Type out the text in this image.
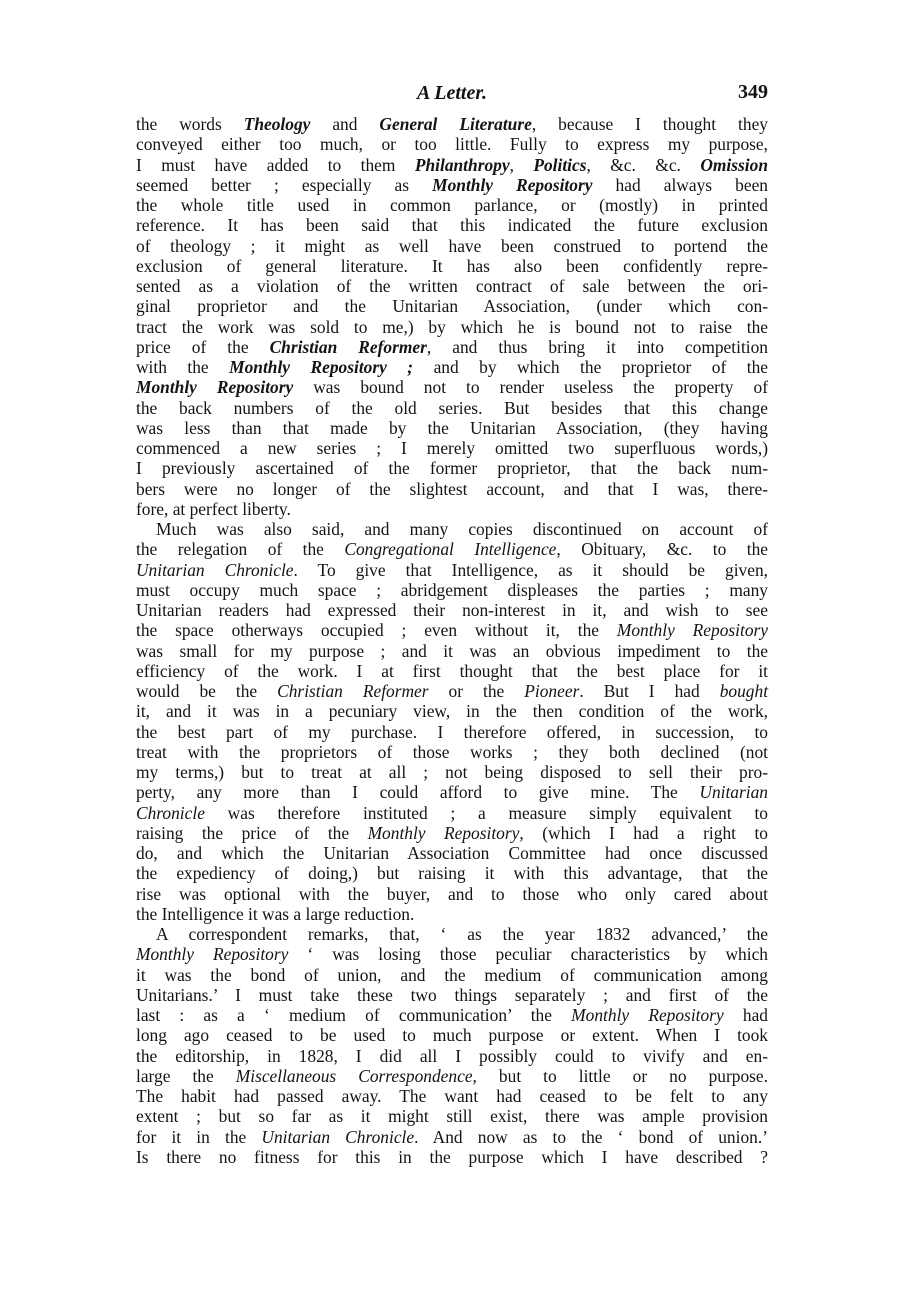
A Letter.	349
the words Theology and General Literature, because I thought they
conveyed either too much, or too little. Fully to express my purpose,
I must have added to them Philanthropy, Politics, &c. &c. Omission
seemed better ; especially as Monthly Repository had always been
the whole title used in common parlance, or (mostly) in printed
reference. It has been said that this indicated the future exclusion
of theology ; it might as well have been construed to portend the
exclusion of general literature. It has also been confidently repre-
sented as a violation of the written contract of sale between the ori-
ginal proprietor and the Unitarian Association, (under which con-
tract the work was sold to me,) by which he is bound not to raise the
price of the Christian Reformer, and thus bring it into competition
with the Monthly Repository ; and by which the proprietor of the
Monthly Repository was bound not to render useless the property of
the back numbers of the old series. But besides that this change
was less than that made by the Unitarian Association, (they having
commenced a new series ; I merely omitted two superfluous words,)
I previously ascertained of the former proprietor, that the back num-
bers were no longer of the slightest account, and that I was, there-
fore, at perfect liberty.
Much was also said, and many copies discontinued on account of
the relegation of the Congregational Intelligence, Obituary, &c. to the
Unitarian Chronicle. To give that Intelligence, as it should be given,
must occupy much space ; abridgement displeases the parties ; many
Unitarian readers had expressed their non-interest in it, and wish to see
the space otherways occupied ; even without it, the Monthly Repository
was small for my purpose ; and it was an obvious impediment to the
efficiency of the work. I at first thought that the best place for it
would be the Christian Reformer or the Pioneer. But I had bought
it, and it was in a pecuniary view, in the then condition of the work,
the best part of my purchase. I therefore offered, in succession, to
treat with the proprietors of those works ; they both declined (not
my terms,) but to treat at all ; not being disposed to sell their pro-
perty, any more than I could afford to give mine. The Unitarian
Chronicle was therefore instituted ; a measure simply equivalent to
raising the price of the Monthly Repository, (which I had a right to
do, and which the Unitarian Association Committee had once discussed
the expediency of doing,) but raising it with this advantage, that the
rise was optional with the buyer, and to those who only cared about
the Intelligence it was a large reduction.
A correspondent remarks, that, ‘ as the year 1832 advanced,’ the
Monthly Repository ‘ was losing those peculiar characteristics by which
it was the bond of union, and the medium of communication among
Unitarians.’ I must take these two things separately ; and first of the
last : as a ‘ medium of communication’ the Monthly Repository had
long ago ceased to be used to much purpose or extent. When I took
the editorship, in 1828, I did all I possibly could to vivify and en-
large the Miscellaneous Correspondence, but to little or no purpose.
The habit had passed away. The want had ceased to be felt to any
extent ; but so far as it might still exist, there was ample provision
for it in the Unitarian Chronicle. And now as to the ‘ bond of union.’
Is there no fitness for this in the purpose which I have described ?
